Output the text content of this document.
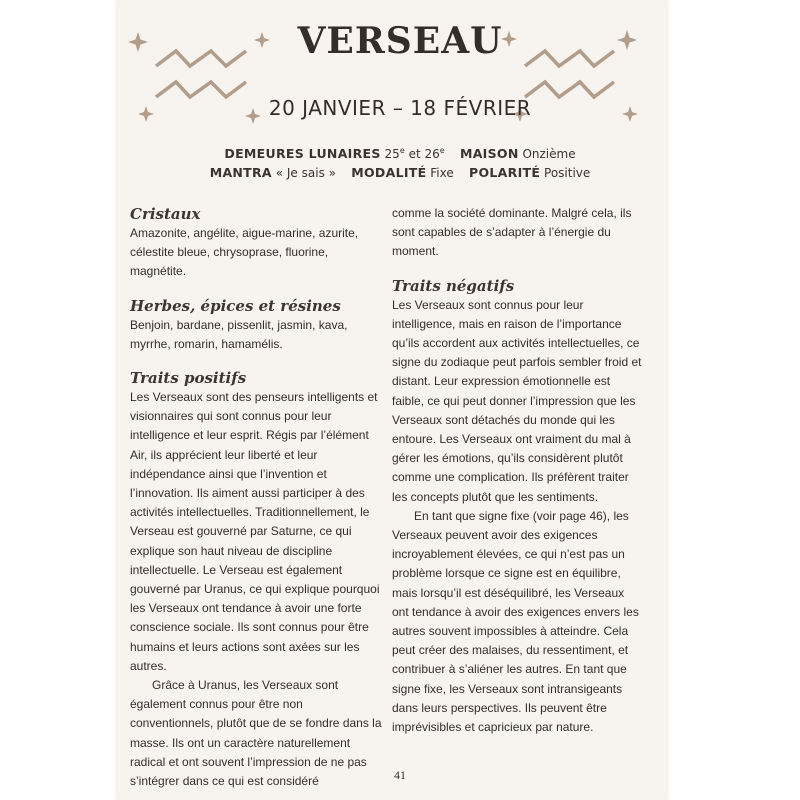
VERSEAU
20 JANVIER – 18 FÉVRIER
DEMEURES LUNAIRES 25e et 26e MAISON Onzième
MANTRA « Je sais » MODALITÉ Fixe POLARITÉ Positive
Cristaux

Amazonite, angélite, aigue-marine, azurite, célestite bleue, chrysoprase, fluorine, magnétite.

Herbes, épices et résines

Benjoin, bardane, pissenlit, jasmin, kava, myrrhe, romarin, hamamélis.

Traits positifs

Les Verseaux sont des penseurs intelligents et visionnaires qui sont connus pour leur intelligence et leur esprit. Régis par l’élément Air, ils apprécient leur liberté et leur indépendance ainsi que l’invention et l’innovation. Ils aiment aussi participer à des activités intellectuelles. Traditionnellement, le Verseau est gouverné par Saturne, ce qui explique son haut niveau de discipline intellectuelle. Le Verseau est également gouverné par Uranus, ce qui explique pourquoi les Verseaux ont tendance à avoir une forte conscience sociale. Ils sont connus pour être humains et leurs actions sont axées sur les autres.

Grâce à Uranus, les Verseaux sont également connus pour être non conventionnels, plutôt que de se fondre dans la masse. Ils ont un caractère naturellement radical et ont souvent l’impression de ne pas s’intégrer dans ce qui est considéré

comme la société dominante. Malgré cela, ils sont capables de s’adapter à l’énergie du moment.

Traits négatifs

Les Verseaux sont connus pour leur intelligence, mais en raison de l’importance qu’ils accordent aux activités intellectuelles, ce signe du zodiaque peut parfois sembler froid et distant. Leur expression émotionnelle est faible, ce qui peut donner l’impression que les Verseaux sont détachés du monde qui les entoure. Les Verseaux ont vraiment du mal à gérer les émotions, qu’ils considèrent plutôt comme une complication. Ils préfèrent traiter les concepts plutôt que les sentiments.

En tant que signe fixe (voir page 46), les Verseaux peuvent avoir des exigences incroyablement élevées, ce qui n’est pas un problème lorsque ce signe est en équilibre, mais lorsqu’il est déséquilibré, les Verseaux ont tendance à avoir des exigences envers les autres souvent impossibles à atteindre. Cela peut créer des malaises, du ressentiment, et contribuer à s’aliéner les autres. En tant que signe fixe, les Verseaux sont intransigeants dans leurs perspectives. Ils peuvent être imprévisibles et capricieux par nature.

41
